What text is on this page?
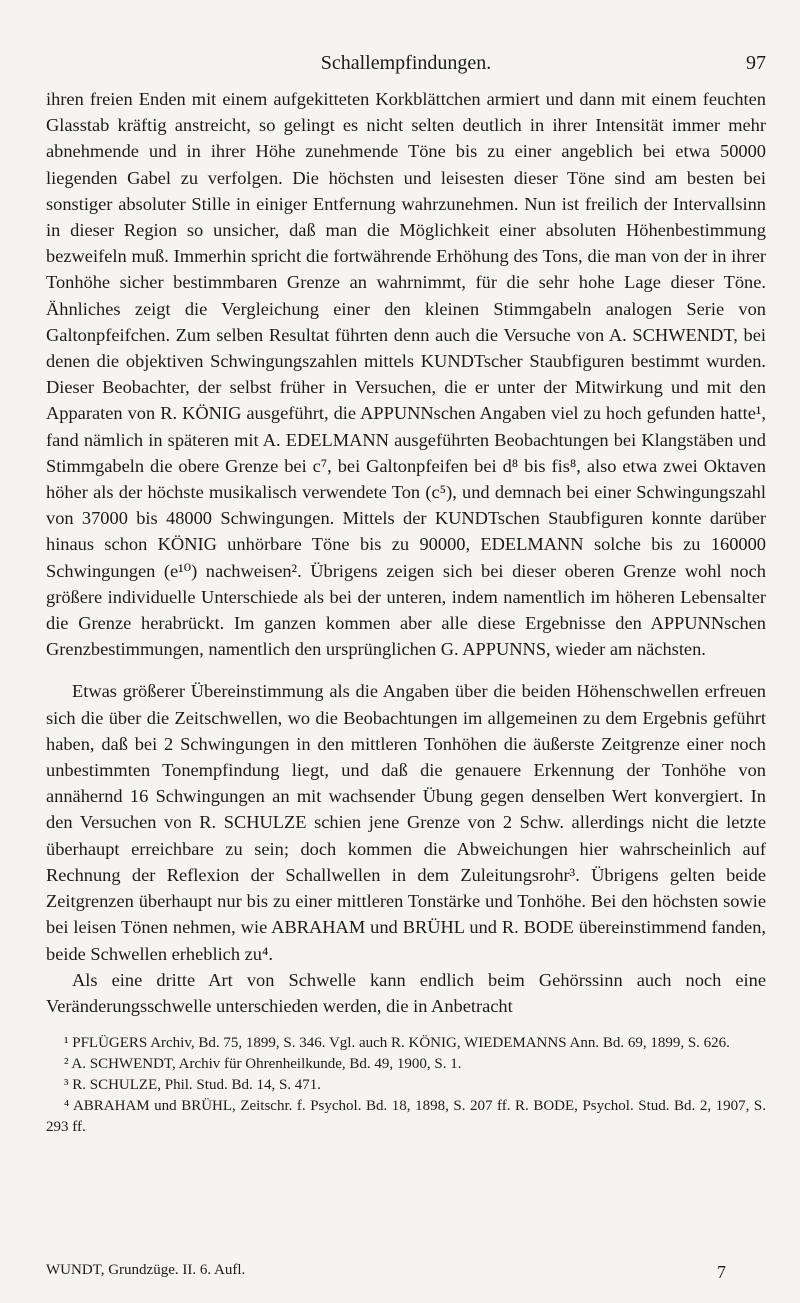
Schallempfindungen.	97

ihren freien Enden mit einem aufgekitteten Korkblättchen armiert und dann mit einem feuchten Glasstab kräftig anstreicht, so gelingt es nicht selten deutlich in ihrer Intensität immer mehr abnehmende und in ihrer Höhe zunehmende Töne bis zu einer angeblich bei etwa 50000 liegenden Gabel zu verfolgen. Die höchsten und leisesten dieser Töne sind am besten bei sonstiger absoluter Stille in einiger Entfernung wahrzunehmen. Nun ist freilich der Intervallsinn in dieser Region so unsicher, daß man die Möglichkeit einer absoluten Höhenbestimmung bezweifeln muß. Immerhin spricht die fortwährende Erhöhung des Tons, die man von der in ihrer Tonhöhe sicher bestimmbaren Grenze an wahrnimmt, für die sehr hohe Lage dieser Töne. Ähnliches zeigt die Vergleichung einer den kleinen Stimmgabeln analogen Serie von Galtonpfeifchen. Zum selben Resultat führten denn auch die Versuche von A. SCHWENDT, bei denen die objektiven Schwingungszahlen mittels KUNDTscher Staubfiguren bestimmt wurden. Dieser Beobachter, der selbst früher in Versuchen, die er unter der Mitwirkung und mit den Apparaten von R. KÖNIG ausgeführt, die APPUNNschen Angaben viel zu hoch gefunden hatte¹, fand nämlich in späteren mit A. EDELMANN ausgeführten Beobachtungen bei Klangstäben und Stimmgabeln die obere Grenze bei c⁷, bei Galtonpfeifen bei d⁸ bis fis⁸, also etwa zwei Oktaven höher als der höchste musikalisch verwendete Ton (c⁵), und demnach bei einer Schwingungszahl von 37000 bis 48000 Schwingungen. Mittels der KUNDTschen Staubfiguren konnte darüber hinaus schon KÖNIG unhörbare Töne bis zu 90000, EDELMANN solche bis zu 160000 Schwingungen (e¹⁰) nachweisen². Übrigens zeigen sich bei dieser oberen Grenze wohl noch größere individuelle Unterschiede als bei der unteren, indem namentlich im höheren Lebensalter die Grenze herabrückt. Im ganzen kommen aber alle diese Ergebnisse den APPUNNschen Grenzbestimmungen, namentlich den ursprünglichen G. APPUNNS, wieder am nächsten.

Etwas größerer Übereinstimmung als die Angaben über die beiden Höhenschwellen erfreuen sich die über die Zeitschwellen, wo die Beobachtungen im allgemeinen zu dem Ergebnis geführt haben, daß bei 2 Schwingungen in den mittleren Tonhöhen die äußerste Zeitgrenze einer noch unbestimmten Tonempfindung liegt, und daß die genauere Erkennung der Tonhöhe von annähernd 16 Schwingungen an mit wachsender Übung gegen denselben Wert konvergiert. In den Versuchen von R. SCHULZE schien jene Grenze von 2 Schw. allerdings nicht die letzte überhaupt erreichbare zu sein; doch kommen die Abweichungen hier wahrscheinlich auf Rechnung der Reflexion der Schallwellen in dem Zuleitungsrohr³. Übrigens gelten beide Zeitgrenzen überhaupt nur bis zu einer mittleren Tonstärke und Tonhöhe. Bei den höchsten sowie bei leisen Tönen nehmen, wie ABRAHAM und BRÜHL und R. BODE übereinstimmend fanden, beide Schwellen erheblich zu⁴.

Als eine dritte Art von Schwelle kann endlich beim Gehörssinn auch noch eine Veränderungsschwelle unterschieden werden, die in Anbetracht

¹ PFLÜGERS Archiv, Bd. 75, 1899, S. 346. Vgl. auch R. KÖNIG, WIEDEMANNS Ann. Bd. 69, 1899, S. 626.

² A. SCHWENDT, Archiv für Ohrenheilkunde, Bd. 49, 1900, S. 1.

³ R. SCHULZE, Phil. Stud. Bd. 14, S. 471.

⁴ ABRAHAM und BRÜHL, Zeitschr. f. Psychol. Bd. 18, 1898, S. 207 ff. R. BODE, Psychol. Stud. Bd. 2, 1907, S. 293 ff.

WUNDT, Grundzüge. II. 6. Aufl.	7
